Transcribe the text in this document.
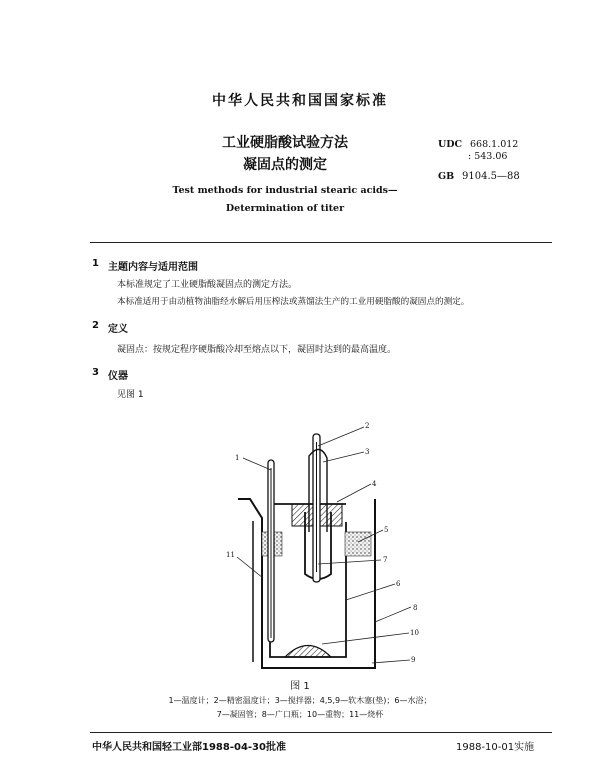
中华人民共和国国家标准
工业硬脂酸试验方法
凝固点的测定
Test methods for industrial stearic acids—
Determination of titer
UDC 668.1.012
: 543.06
GB 9104.5—88
1 主题内容与适用范围
本标准规定了工业硬脂酸凝固点的测定方法。
本标准适用于由动植物油脂经水解后用压榨法或蒸馏法生产的工业用硬脂酸的凝固点的测定。
2 定义
凝固点：按规定程序硬脂酸冷却至熔点以下，凝固时达到的最高温度。
3 仪器
见图 1
1
2
3
4
5
7
6
8
10
9
11
图 1
1—温度计；2—精密温度计；3—搅拌器；4,5,9—软木塞(垫)；6—水浴；
7—凝固管；8—广口瓶；10—重物；11—烧杯
中华人民共和国轻工业部1988-04-30批准	1988-10-01实施
